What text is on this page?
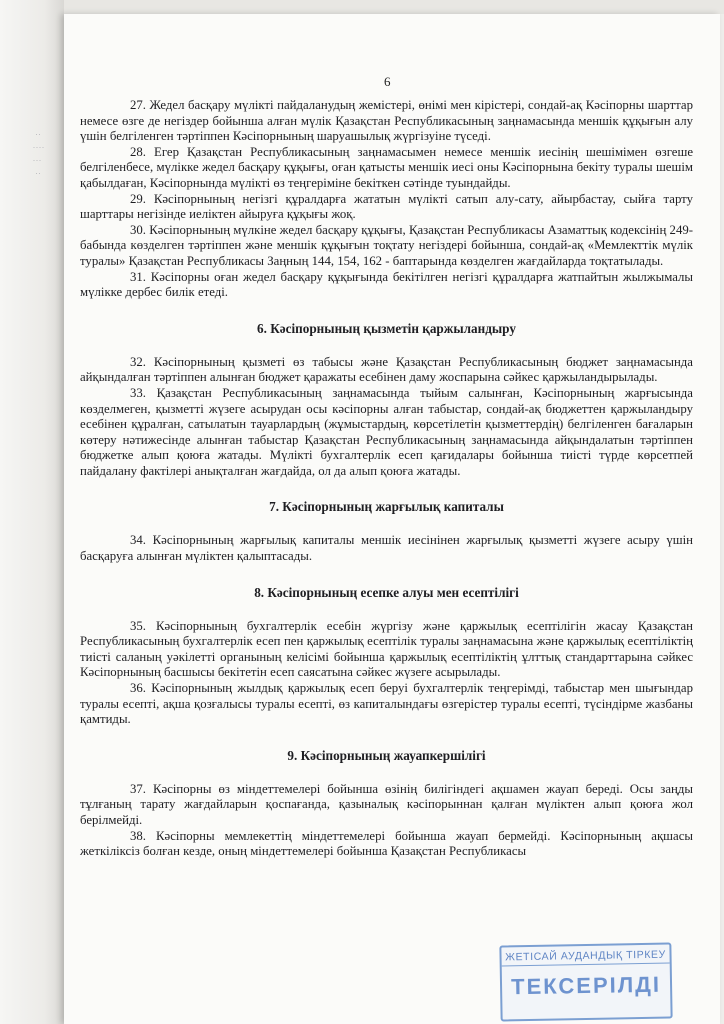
··
····
···
··
6

27. Жедел басқару мүлікті пайдаланудың жемістері, өнімі мен кірістері, сондай-ақ Кәсіпорны шарттар немесе өзге де негіздер бойынша алған мүлік Қазақстан Республикасының заңнамасында меншік құқығын алу үшін белгіленген тәртіппен Кәсіпорнының шаруашылық жүргізуіне түседі.

28. Егер Қазақстан Республикасының заңнамасымен немесе меншік иесінің шешімімен өзгеше белгіленбесе, мүлікке жедел басқару құқығы, оған қатысты меншік иесі оны Кәсіпорнына бекіту туралы шешім қабылдаған, Кәсіпорнында мүлікті өз теңгеріміне бекіткен сәтінде туындайды.

29. Кәсіпорнының негізгі құралдарға жататын мүлікті сатып алу-сату, айырбастау, сыйға тарту шарттары негізінде иеліктен айыруға құқығы жоқ.

30. Кәсіпорнының мүлкіне жедел басқару құқығы, Қазақстан Республикасы Азаматтық кодексінің 249-бабында көзделген тәртіппен және меншік құқығын тоқтату негіздері бойынша, сондай-ақ «Мемлекттік мүлік туралы» Қазақстан Республикасы Заңның 144, 154, 162 - баптарында көзделген жағдайларда тоқтатылады.

31. Кәсіпорны оған жедел басқару құқығында бекітілген негізгі құралдарға жатпайтын жылжымалы мүлікке дербес билік етеді.

6. Кәсіпорнының қызметін қаржыландыру

32. Кәсіпорнының қызметі өз табысы және Қазақстан Республикасының бюджет заңнамасында айқындалған тәртіппен алынған бюджет қаражаты есебінен даму жоспарына сәйкес қаржыландырылады.

33. Қазақстан Республикасының заңнамасында тыйым салынған, Кәсіпорнының жарғысында көзделмеген, қызметті жүзеге асырудан осы кәсіпорны алған табыстар, сондай-ақ бюджеттен қаржыландыру есебінен құралған, сатылатын тауарлардың (жұмыстардың, көрсетілетін қызметтердің) белгіленген бағаларын көтеру нәтижесінде алынған табыстар Қазақстан Республикасының заңнамасында айқындалатын тәртіппен бюджетке алып қоюға жатады. Мүлікті бухгалтерлік есеп қағидалары бойынша тиісті түрде көрсетпей пайдалану фактілері анықталған жағдайда, ол да алып қоюға жатады.

7. Кәсіпорнының жарғылық капиталы

34. Кәсіпорнының жарғылық капиталы меншік иесінінен жарғылық қызметті жүзеге асыру үшін басқаруға алынған мүліктен қалыптасады.

8. Кәсіпорнының есепке алуы мен есептілігі

35. Кәсіпорнының бухгалтерлік есебін жүргізу және қаржылық есептілігін жасау Қазақстан Республикасының бухгалтерлік есеп пен қаржылық есептілік туралы заңнамасына және қаржылық есептіліктің тиісті саланың уәкілетті органының келісімі бойынша қаржылық есептіліктің ұлттық стандарттарына сәйкес Кәсіпорнының басшысы бекітетін есеп саясатына сәйкес жүзеге асырылады.

36. Кәсіпорнының жылдық қаржылық есеп беруі бухгалтерлік теңгерімді, табыстар мен шығындар туралы есепті, ақша қозғалысы туралы есепті, өз капиталындағы өзгерістер туралы есепті, түсіндірме жазбаны қамтиды.

9. Кәсіпорнының жауапкершілігі

37. Кәсіпорны өз міндеттемелері бойынша өзінің билігіндегі ақшамен жауап береді. Осы заңды тұлғаның тарату жағдайларын қоспағанда, қазыналық кәсіпорыннан қалған мүліктен алып қоюға жол берілмейді.

38. Кәсіпорны мемлекеттің міндеттемелері бойынша жауап бермейді. Кәсіпорнының ақшасы жеткіліксіз болған кезде, оның міндеттемелері бойынша Қазақстан Республикасы

ЖЕТІСАЙ АУДАНДЫҚ ТІРКЕУ
ТЕКСЕРІЛДІ
